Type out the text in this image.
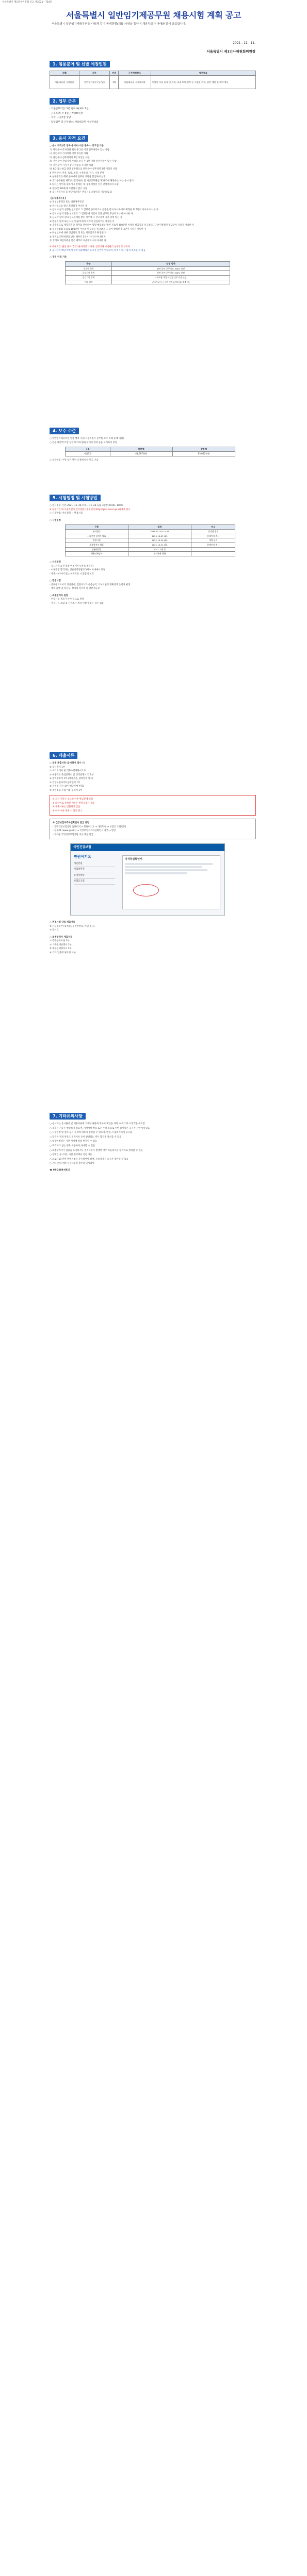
서울특별시 제1인사위원회 공고 제2021 - 724호
서울특별시 일반임기제공무원 채용시험 계획 공고
서울특별시 일반임기제공무원을 다음과 같이 공개경쟁(채용)시험을 통하여 채용하고자 아래와 같이 공고합니다.
2021 . 11 . 11.
서울특별시 제1인사위원회위원장
1. 임용분야 및 선발 예정인원
직렬	직무	인원	근무예정장소	업무개요
서울대공원 시설관리	일반임기제 (시설7급)	1명	서울대공원 시설관리과	동물원 시설 유지 및 관리, 조경·토목·건축 등 시설물 관리, 관련 예산 및 계약 업무
2. 업무 근무
· 기본근무기간: 5년 범위 내(최초 2년)
· 근무조건: 주 5일 근무(40시간)
· 직급: 시설7급 상당
· 담당업무 및 근무장소: 서울대공원 시설관리과
3. 응시 자격 요건

○ 응시 자격 (각 항목 중 하나 이상 충족) - 공고일 기준

가. 관련분야 학사학위 취득 후 2년 이상 실무경력이 있는 사람

나. 관련분야 석사학위 이상 취득한 사람

다. 관련분야 실무경력이 4년 이상인 사람

라. 관련분야 산업기사 자격증 소지 후 3년 이상 실무경력이 있는 사람

마. 관련분야 기사 이상 자격증을 소지한 사람

바. 8급 또는 8급 상당 공무원으로 관련분야 실무경력 2년 이상인 사람

※ 관련분야: 건축, 토목, 조경, 시설관리, 전기, 기계 분야

※ 실무경력은 해당 분야에서 근무한 기간을 합산하여 산정

※ 국가공무원법 제33조(결격사유) 및 지방공무원법 제31조에 해당하는 자는 응시 불가

※ 남자는 병역을 필하거나 면제된 자 (임용예정일 이전 전역예정자 포함)

※ 정년(만 60세)에 도달하지 않은 사람

※ 응시결격사유 등 판단기준일은 면접시험 최종일을 기준으로 함

【응시결격사유】

① 피성년후견인 또는 피한정후견인

② 파산선고를 받고 복권되지 아니한 자

③ 금고 이상의 실형을 선고받고 그 집행이 종료되거나 집행을 받지 아니하기로 확정된 후 5년이 지나지 아니한 자

④ 금고 이상의 형을 선고받고 그 집행유예 기간이 끝난 날부터 2년이 지나지 아니한 자

⑤ 금고 이상의 형의 선고유예를 받은 경우에 그 선고유예 기간 중에 있는 자

⑥ 법원의 판결 또는 다른 법률에 따라 자격이 상실되거나 정지된 자

⑦ 공무원으로 재직기간 중 직무와 관련하여 횡령·배임죄를 범한 자로서 300만원 이상의 벌금형을 선고받고 그 형이 확정된 후 2년이 지나지 아니한 자

⑧ 성폭력범죄 등으로 100만원 이상의 벌금형을 선고받고 그 형이 확정된 후 3년이 지나지 아니한 자

⑨ 미성년자에 대한 성범죄로 형 또는 치료감호가 확정된 자

⑩ 징계로 파면처분을 받은 때부터 5년이 지나지 아니한 자

⑪ 징계로 해임처분을 받은 때부터 3년이 지나지 아니한 자

※ 우대요건: 관련 분야 국가기술자격증 소지자, 공공기관 시설관리 실무경력 보유자

※ 응시자격 해당 여부에 대한 입증책임은 응시자 본인에게 있으며, 허위기재 시 합격 취소될 수 있음

○ 경력 인정 기준

구분	인정 범위
공무원 경력	관련 분야 근무기간 100% 인정
공공기관 경력	관련 분야 근무기간 100% 인정
민간기업 경력	4대보험 가입 사업장 근무기간 인정
기타 경력	근로자로서 근무한 기간 (증빙서류 제출 시)
4. 보수 수준

○ 일반임기제공무원 연봉 책정 기준(서울특별시 공무원 보수 조례 등에 의함)

○ 연봉 하한액 이상 상한액 이하 범위 내에서 경력 등을 고려하여 결정

구분	하한액	상한액
시설7급	41,697천원	63,052천원

○ 성과연봉, 수당 등은 관련 규정에 따라 별도 지급

5. 시험일정 및 시험방법

○ 원서접수 기간: 2021. 11. 24.(수) ~ 11. 26.(금), 3일간 09:00~18:00

※ 접수기간 내 서울특별시 인터넷원서접수센터(http://gosi.seoul.go.kr)에서 접수

○ 시험방법: 서류전형 → 면접시험

○ 시험일정

구분	일정	비고
원서접수	2021.11.24~11.26	인터넷 접수
서류전형 합격자 발표	2021.12.07.(화)	홈페이지 게시
면접시험	2021.12.14.(화)	개별 통지
최종합격자 발표	2021.12.21.(화)	홈페이지 게시
임용예정일	2022. 1월 중	
채용신체검사	합격자에 한함	

○ 서류전형

- 응시자격 요건 충족 여부 판단 (적격/부적격)

- 서류전형 합격자는 선발예정인원의 3배수 이내에서 결정

- 제출서류 미비 또는 허위작성 시 불합격 처리

○ 면접시험

- 공무원으로서의 정신자세, 전문지식과 응용능력, 의사표현의 정확성과 논리성 평정

- 예의·품행 및 성실성, 창의력·의지력 및 발전가능성

○ 최종합격자 결정

- 면접시험 결과 우수자 순으로 결정

- 결격사유 조회 및 신원조사 결과 이상이 없는 경우 임용

6. 제출서류

○ 공통 제출서류 (응시원서 접수 시)

① 응시원서 1부

② 자기소개서 및 직무수행계획서 1부

③ 최종학교 졸업증명서 및 성적증명서 각 1부

④ 경력증명서 1부 (재직기간, 담당업무 명시)

⑤ 건강보험자격득실확인서 1부

⑥ 자격증 사본 1부 (해당자에 한함)

⑦ 개인정보 수집·이용 동의서 1부

※ 모든 서류는 공고일 이후 발급분에 한함

※ 외국어로 작성된 서류는 번역공증본 제출

※ 제출서류는 반환하지 않음

※ 허위 서류 제출 시 합격 취소

※ 건강보험자격득실확인서 발급 방법

- 국민건강보험공단 홈페이지 → 민원여기요 → 개인민원 → 보험료 조회/신청

- 정부24 (www.gov.kr) → 건강보험자격득실확인서 검색 → 발급

- 가까운 국민건강보험공단 지사 방문 발급

국민건강보험
민원여기요
개인민원
사업장민원
증명서발급
보험료조회
자격득실확인서

○ 면접시험 당일 제출서류

① 신분증 (주민등록증, 운전면허증, 여권 중 1)

② 응시표

○ 최종합격자 제출서류

① 주민등록초본 1부

② 가족관계증명서 1부

③ 채용신체검사서 1부

④ 기타 임용에 필요한 서류

7. 기타유의사항

○ 응시자는 응시원서 및 제출서류에 기재한 내용에 대하여 책임을 지며, 허위기재 시 합격을 취소함

○ 제출된 서류는 반환하지 않으며, 기재사항 착오 또는 누락 등으로 인한 불이익은 응시자 본인에게 있음

○ 시험일정 및 장소 등은 사정에 의하여 변경될 수 있으며, 변경 시 홈페이지에 공고함

○ 합격자 결정 후라도 결격사유 등이 발견되는 경우 합격을 취소할 수 있음

○ 임용예정일은 기관 사정에 따라 변경될 수 있음

○ 적격자가 없는 경우 채용하지 아니할 수 있음

○ 최종합격자가 임용을 포기하거나 결격사유가 발생한 경우 차순위자를 합격자로 결정할 수 있음

○ 장애인 응시자는 시험 편의제공 신청 가능

○ 코로나19 관련 방역지침을 준수하여야 하며, 유증상자는 응시가 제한될 수 있음

○ 기타 문의사항: 서울대공원 총무과 인사담당

☎ 02-2188-6917
